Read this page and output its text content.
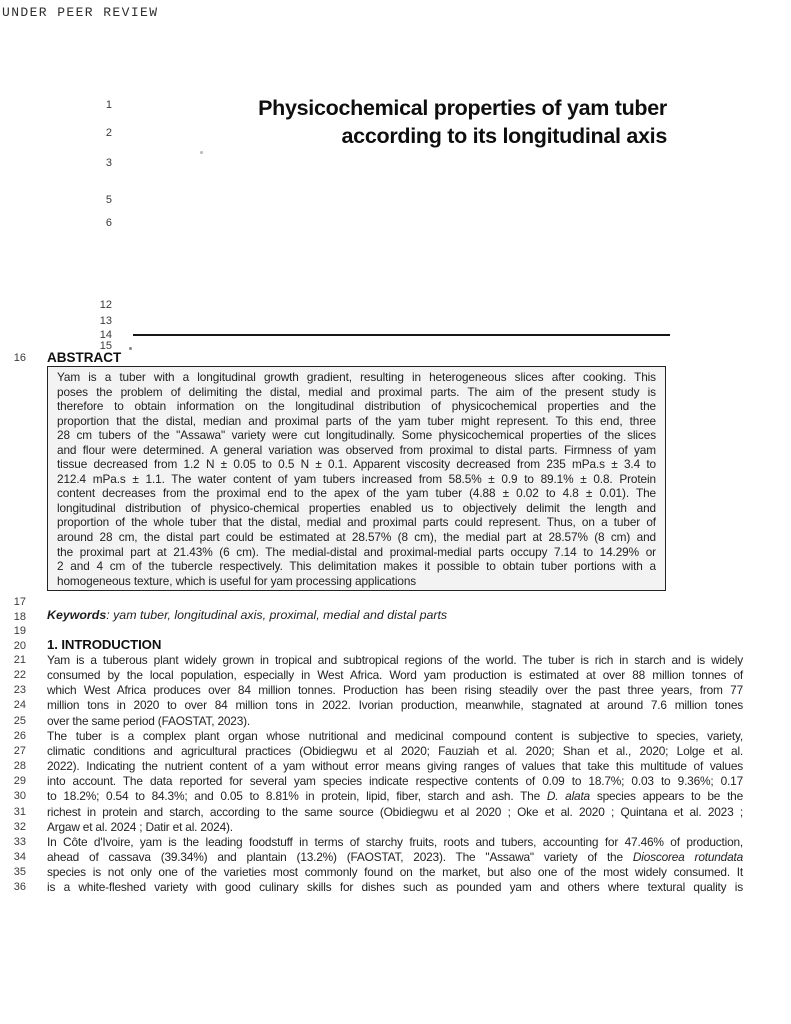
UNDER PEER REVIEW
Physicochemical properties of yam tuber
according to its longitudinal axis
1
2
3
5
6
12
13
14
15
16
17
18
19
20
21
22
23
24
25
26
27
28
29
30
31
32
33
34
35
36
ABSTRACT
Yam is a tuber with a longitudinal growth gradient, resulting in heterogeneous slices after cooking. This
poses the problem of delimiting the distal, medial and proximal parts. The aim of the present study is
therefore to obtain information on the longitudinal distribution of physicochemical properties and the
proportion that the distal, median and proximal parts of the yam tuber might represent. To this end, three
28 cm tubers of the "Assawa" variety were cut longitudinally. Some physicochemical properties of the slices
and flour were determined. A general variation was observed from proximal to distal parts. Firmness of yam
tissue decreased from 1.2 N ± 0.05 to 0.5 N ± 0.1. Apparent viscosity decreased from 235 mPa.s ± 3.4 to
212.4 mPa.s ± 1.1. The water content of yam tubers increased from 58.5% ± 0.9 to 89.1% ± 0.8. Protein
content decreases from the proximal end to the apex of the yam tuber (4.88 ± 0.02 to 4.8 ± 0.01). The
longitudinal distribution of physico-chemical properties enabled us to objectively delimit the length and
proportion of the whole tuber that the distal, medial and proximal parts could represent. Thus, on a tuber of
around 28 cm, the distal part could be estimated at 28.57% (8 cm), the medial part at 28.57% (8 cm) and
the proximal part at 21.43% (6 cm). The medial-distal and proximal-medial parts occupy 7.14 to 14.29% or
2 and 4 cm of the tubercle respectively. This delimitation makes it possible to obtain tuber portions with a
homogeneous texture, which is useful for yam processing applications
Keywords: yam tuber, longitudinal axis, proximal, medial and distal parts
1. INTRODUCTION
Yam is a tuberous plant widely grown in tropical and subtropical regions of the world. The tuber is rich in starch and is widely
consumed by the local population, especially in West Africa. Word yam production is estimated at over 88 million tonnes of
which West Africa produces over 84 million tonnes. Production has been rising steadily over the past three years, from 77
million tons in 2020 to over 84 million tons in 2022. Ivorian production, meanwhile, stagnated at around 7.6 million tones
over the same period (FAOSTAT, 2023).
The tuber is a complex plant organ whose nutritional and medicinal compound content is subjective to species, variety,
climatic conditions and agricultural practices (Obidiegwu et al 2020; Fauziah et al. 2020; Shan et al., 2020; Lolge et al.
2022). Indicating the nutrient content of a yam without error means giving ranges of values that take this multitude of values
into account. The data reported for several yam species indicate respective contents of 0.09 to 18.7%; 0.03 to 9.36%; 0.17
to 18.2%; 0.54 to 84.3%; and 0.05 to 8.81% in protein, lipid, fiber, starch and ash. The D. alata species appears to be the
richest in protein and starch, according to the same source (Obidiegwu et al 2020 ; Oke et al. 2020 ; Quintana et al. 2023 ;
Argaw et al. 2024 ; Datir et al. 2024).
In Côte d'Ivoire, yam is the leading foodstuff in terms of starchy fruits, roots and tubers, accounting for 47.46% of production,
ahead of cassava (39.34%) and plantain (13.2%) (FAOSTAT, 2023). The "Assawa" variety of the Dioscorea rotundata
species is not only one of the varieties most commonly found on the market, but also one of the most widely consumed. It
is a white-fleshed variety with good culinary skills for dishes such as pounded yam and others where textural quality is
